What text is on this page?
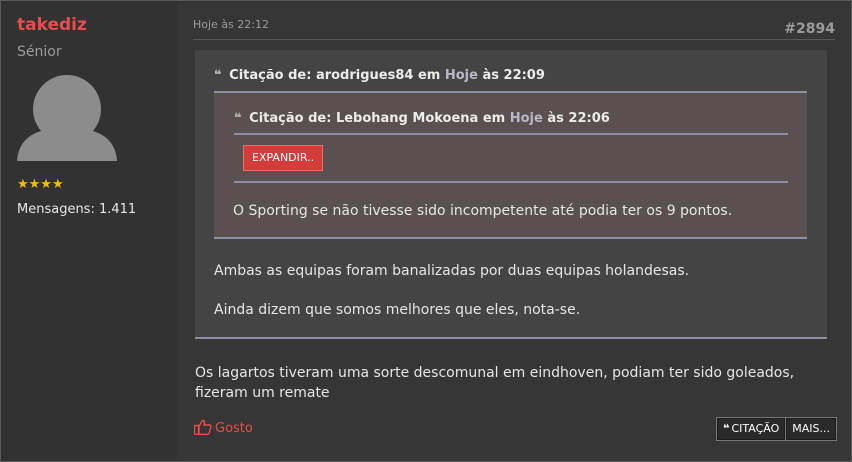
takediz
Sénior
★★★★
Mensagens: 1.411
Hoje às 22:12	#2894
❝ Citação de: arodrigues84 em Hoje às 22:09
❝ Citação de: Lebohang Mokoena em Hoje às 22:06
EXPANDIR..
O Sporting se não tivesse sido incompetente até podia ter os 9 pontos.
Ambas as equipas foram banalizadas por duas equipas holandesas.
Ainda dizem que somos melhores que eles, nota-se.
Os lagartos tiveram uma sorte descomunal em eindhoven, podiam ter sido goleados, fizeram um remate
Gosto	❝ CITAÇÃO	MAIS...
